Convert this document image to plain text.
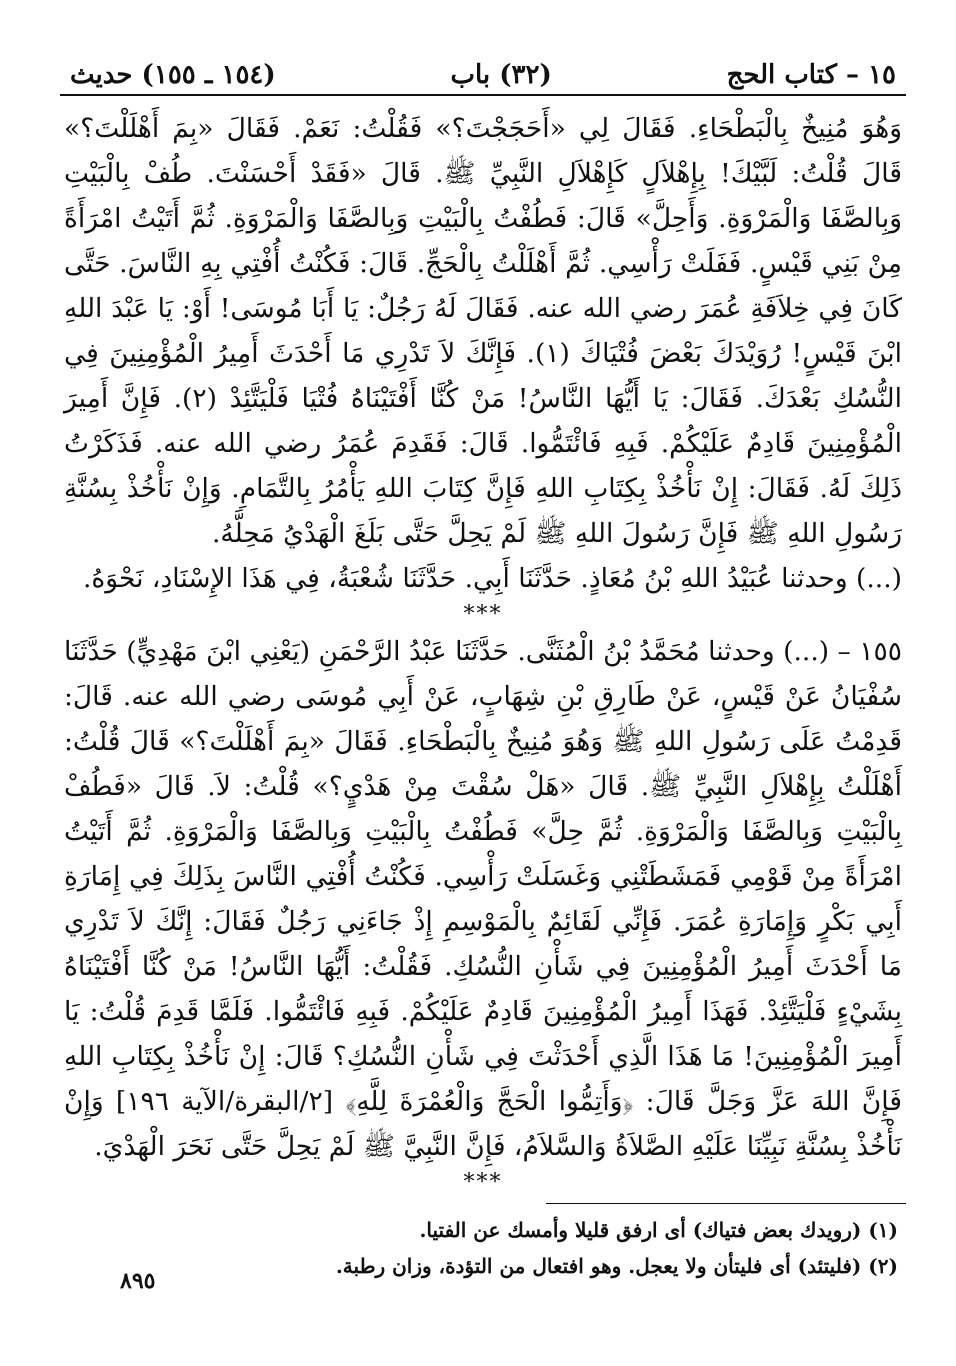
١٥ – كتاب الحج
(٣٢) باب
(١٥٤ ـ ١٥٥) حديث

وَهُوَ مُنِيخٌ بِالْبَطْحَاءِ. فَقَالَ لِي «أَحَجَجْتَ؟» فَقُلْتُ: نَعَمْ. فَقَالَ «بِمَ أَهْلَلْتَ؟» قَالَ قُلْتُ: لَبَّيْكَ! بِإِهْلاَلٍ كَإِهْلاَلِ النَّبِيِّ ﷺ. قَالَ «فَقَدْ أَحْسَنْتَ. طُفْ بِالْبَيْتِ وَبِالصَّفَا وَالْمَرْوَةِ. وَأَحِلَّ» قَالَ: فَطُفْتُ بِالْبَيْتِ وَبِالصَّفَا وَالْمَرْوَةِ. ثُمَّ أَتَيْتُ امْرَأَةً مِنْ بَنِي قَيْسٍ. فَفَلَتْ رَأْسِي. ثُمَّ أَهْلَلْتُ بِالْحَجِّ. قَالَ: فَكُنْتُ أُفْتِي بِهِ النَّاسَ. حَتَّى كَانَ فِي خِلاَفَةِ عُمَرَ رضي الله عنه. فَقَالَ لَهُ رَجُلٌ: يَا أَبَا مُوسَى! أَوْ: يَا عَبْدَ اللهِ ابْنَ قَيْسٍ! رُوَيْدَكَ بَعْضَ فُتْيَاكَ (١). فَإِنَّكَ لاَ تَدْرِي مَا أَحْدَثَ أَمِيرُ الْمُؤْمِنِينَ فِي النُّسُكِ بَعْدَكَ. فَقَالَ: يَا أَيُّهَا النَّاسُ! مَنْ كُنَّا أَفْتَيْنَاهُ فُتْيَا فَلْيَتَّئِدْ (٢). فَإِنَّ أَمِيرَ الْمُؤْمِنِينَ قَادِمٌ عَلَيْكُمْ. فَبِهِ فَائْتَمُّوا. قَالَ: فَقَدِمَ عُمَرُ رضي الله عنه. فَذَكَرْتُ ذَلِكَ لَهُ. فَقَالَ: إِنْ نَأْخُذْ بِكِتَابِ اللهِ فَإِنَّ كِتَابَ اللهِ يَأْمُرُ بِالتَّمَامِ. وَإِنْ نَأْخُذْ بِسُنَّةِ رَسُولِ اللهِ ﷺ فَإِنَّ رَسُولَ اللهِ ﷺ لَمْ يَحِلَّ حَتَّى بَلَغَ الْهَدْيُ مَحِلَّهُ.

(...) وحدثنا عُبَيْدُ اللهِ بْنُ مُعَاذٍ. حَدَّثَنَا أَبِي. حَدَّثَنَا شُعْبَةُ، فِي هَذَا الإِسْنَادِ، نَحْوَهُ.

***

١٥٥ – (...) وحدثنا مُحَمَّدُ بْنُ الْمُثَنَّى. حَدَّثَنَا عَبْدُ الرَّحْمَنِ (يَعْنِي ابْنَ مَهْدِيٍّ) حَدَّثَنَا سُفْيَانُ عَنْ قَيْسٍ، عَنْ طَارِقِ بْنِ شِهَابٍ، عَنْ أَبِي مُوسَى رضي الله عنه. قَالَ: قَدِمْتُ عَلَى رَسُولِ اللهِ ﷺ وَهُوَ مُنِيخٌ بِالْبَطْحَاءِ. فَقَالَ «بِمَ أَهْلَلْتَ؟» قَالَ قُلْتُ: أَهْلَلْتُ بِإِهْلاَلِ النَّبِيِّ ﷺ. قَالَ «هَلْ سُقْتَ مِنْ هَدْيٍ؟» قُلْتُ: لاَ. قَالَ «فَطُفْ بِالْبَيْتِ وَبِالصَّفَا وَالْمَرْوَةِ. ثُمَّ حِلَّ» فَطُفْتُ بِالْبَيْتِ وَبِالصَّفَا وَالْمَرْوَةِ. ثُمَّ أَتَيْتُ امْرَأَةً مِنْ قَوْمِي فَمَشَطَتْنِي وَغَسَلَتْ رَأْسِي. فَكُنْتُ أُفْتِي النَّاسَ بِذَلِكَ فِي إِمَارَةِ أَبِي بَكْرٍ وَإِمَارَةِ عُمَرَ. فَإِنِّي لَقَائِمٌ بِالْمَوْسِمِ إِذْ جَاءَنِي رَجُلٌ فَقَالَ: إِنَّكَ لاَ تَدْرِي مَا أَحْدَثَ أَمِيرُ الْمُؤْمِنِينَ فِي شَأْنِ النُّسُكِ. فَقُلْتُ: أَيُّهَا النَّاسُ! مَنْ كُنَّا أَفْتَيْنَاهُ بِشَيْءٍ فَلْيَتَّئِدْ. فَهَذَا أَمِيرُ الْمُؤْمِنِينَ قَادِمٌ عَلَيْكُمْ. فَبِهِ فَائْتَمُّوا. فَلَمَّا قَدِمَ قُلْتُ: يَا أَمِيرَ الْمُؤْمِنِينَ! مَا هَذَا الَّذِي أَحْدَثْتَ فِي شَأْنِ النُّسُكِ؟ قَالَ: إِنْ نَأْخُذْ بِكِتَابِ اللهِ فَإِنَّ اللهَ عَزَّ وَجَلَّ قَالَ: ﴿وَأَتِمُّوا الْحَجَّ وَالْعُمْرَةَ لِلَّهِ﴾ [٢/البقرة/الآية ١٩٦] وَإِنْ نَأْخُذْ بِسُنَّةِ نَبِيِّنَا عَلَيْهِ الصَّلاَةُ وَالسَّلاَمُ، فَإِنَّ النَّبِيَّ ﷺ لَمْ يَحِلَّ حَتَّى نَحَرَ الْهَدْيَ.

***

(١) (رويدك بعض فتياك) أى ارفق قليلا وأمسك عن الفتيا.

(٢) (فليتئد) أى فليتأن ولا يعجل. وهو افتعال من التؤدة، وزان رطبة.

٨٩٥
